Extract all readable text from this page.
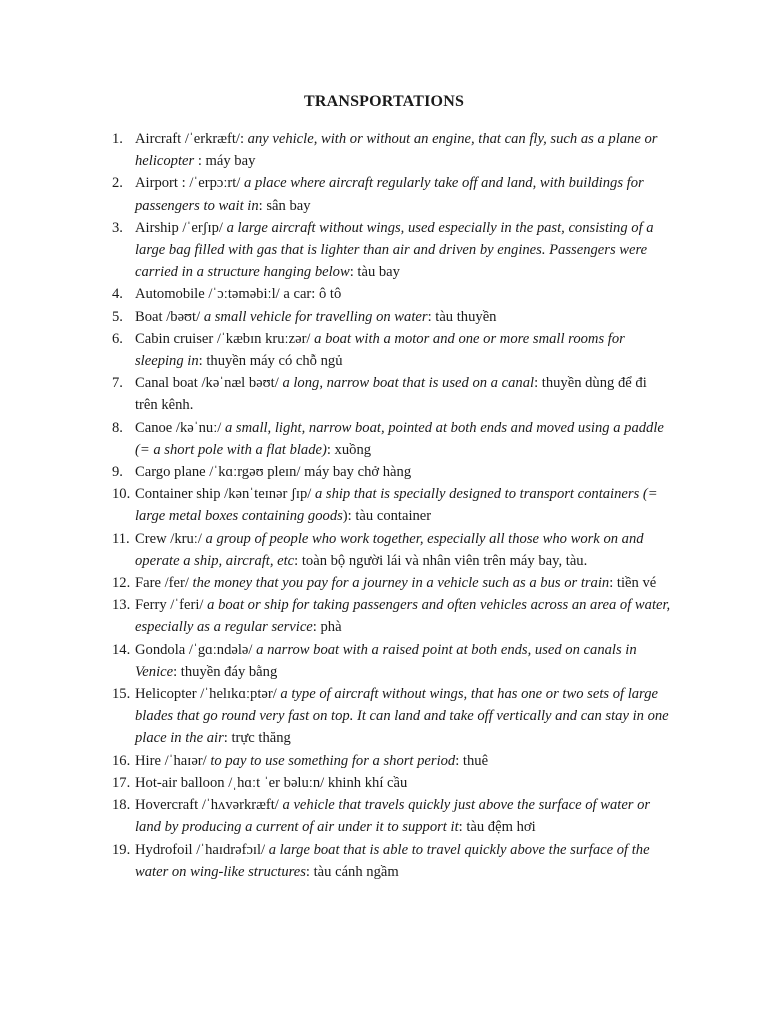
TRANSPORTATIONS
1. Aircraft /ˈerkræft/: any vehicle, with or without an engine, that can fly, such as a plane or helicopter : máy bay
2. Airport : /ˈerpɔːrt/ a place where aircraft regularly take off and land, with buildings for passengers to wait in: sân bay
3. Airship /ˈerʃɪp/ a large aircraft without wings, used especially in the past, consisting of a large bag filled with gas that is lighter than air and driven by engines. Passengers were carried in a structure hanging below: tàu bay
4. Automobile /ˈɔːtəməbiːl/ a car: ô tô
5. Boat /bəʊt/ a small vehicle for travelling on water: tàu thuyền
6. Cabin cruiser /ˈkæbɪn kruːzər/ a boat with a motor and one or more small rooms for sleeping in: thuyền máy có chỗ ngủ
7. Canal boat /kəˈnæl bəʊt/ a long, narrow boat that is used on a canal: thuyền dùng để đi trên kênh.
8. Canoe /kəˈnuː/ a small, light, narrow boat, pointed at both ends and moved using a paddle (= a short pole with a flat blade): xuồng
9. Cargo plane /ˈkɑːrgəʊ pleɪn/ máy bay chở hàng
10. Container ship /kənˈteɪnər ʃɪp/ a ship that is specially designed to transport containers (= large metal boxes containing goods): tàu container
11. Crew /kruː/ a group of people who work together, especially all those who work on and operate a ship, aircraft, etc: toàn bộ người lái và nhân viên trên máy bay, tàu.
12. Fare /fer/ the money that you pay for a journey in a vehicle such as a bus or train: tiền vé
13. Ferry /ˈferi/ a boat or ship for taking passengers and often vehicles across an area of water, especially as a regular service: phà
14. Gondola /ˈgɑːndələ/ a narrow boat with a raised point at both ends, used on canals in Venice: thuyền đáy bằng
15. Helicopter /ˈhelɪkɑːptər/ a type of aircraft without wings, that has one or two sets of large blades that go round very fast on top. It can land and take off vertically and can stay in one place in the air: trực thăng
16. Hire /ˈhaɪər/ to pay to use something for a short period: thuê
17. Hot-air balloon /ˌhɑːt ˈer bəluːn/ khinh khí cầu
18. Hovercraft /ˈhʌvərkræft/ a vehicle that travels quickly just above the surface of water or land by producing a current of air under it to support it: tàu đệm hơi
19. Hydrofoil /ˈhaɪdrəfɔɪl/ a large boat that is able to travel quickly above the surface of the water on wing-like structures: tàu cánh ngầm
